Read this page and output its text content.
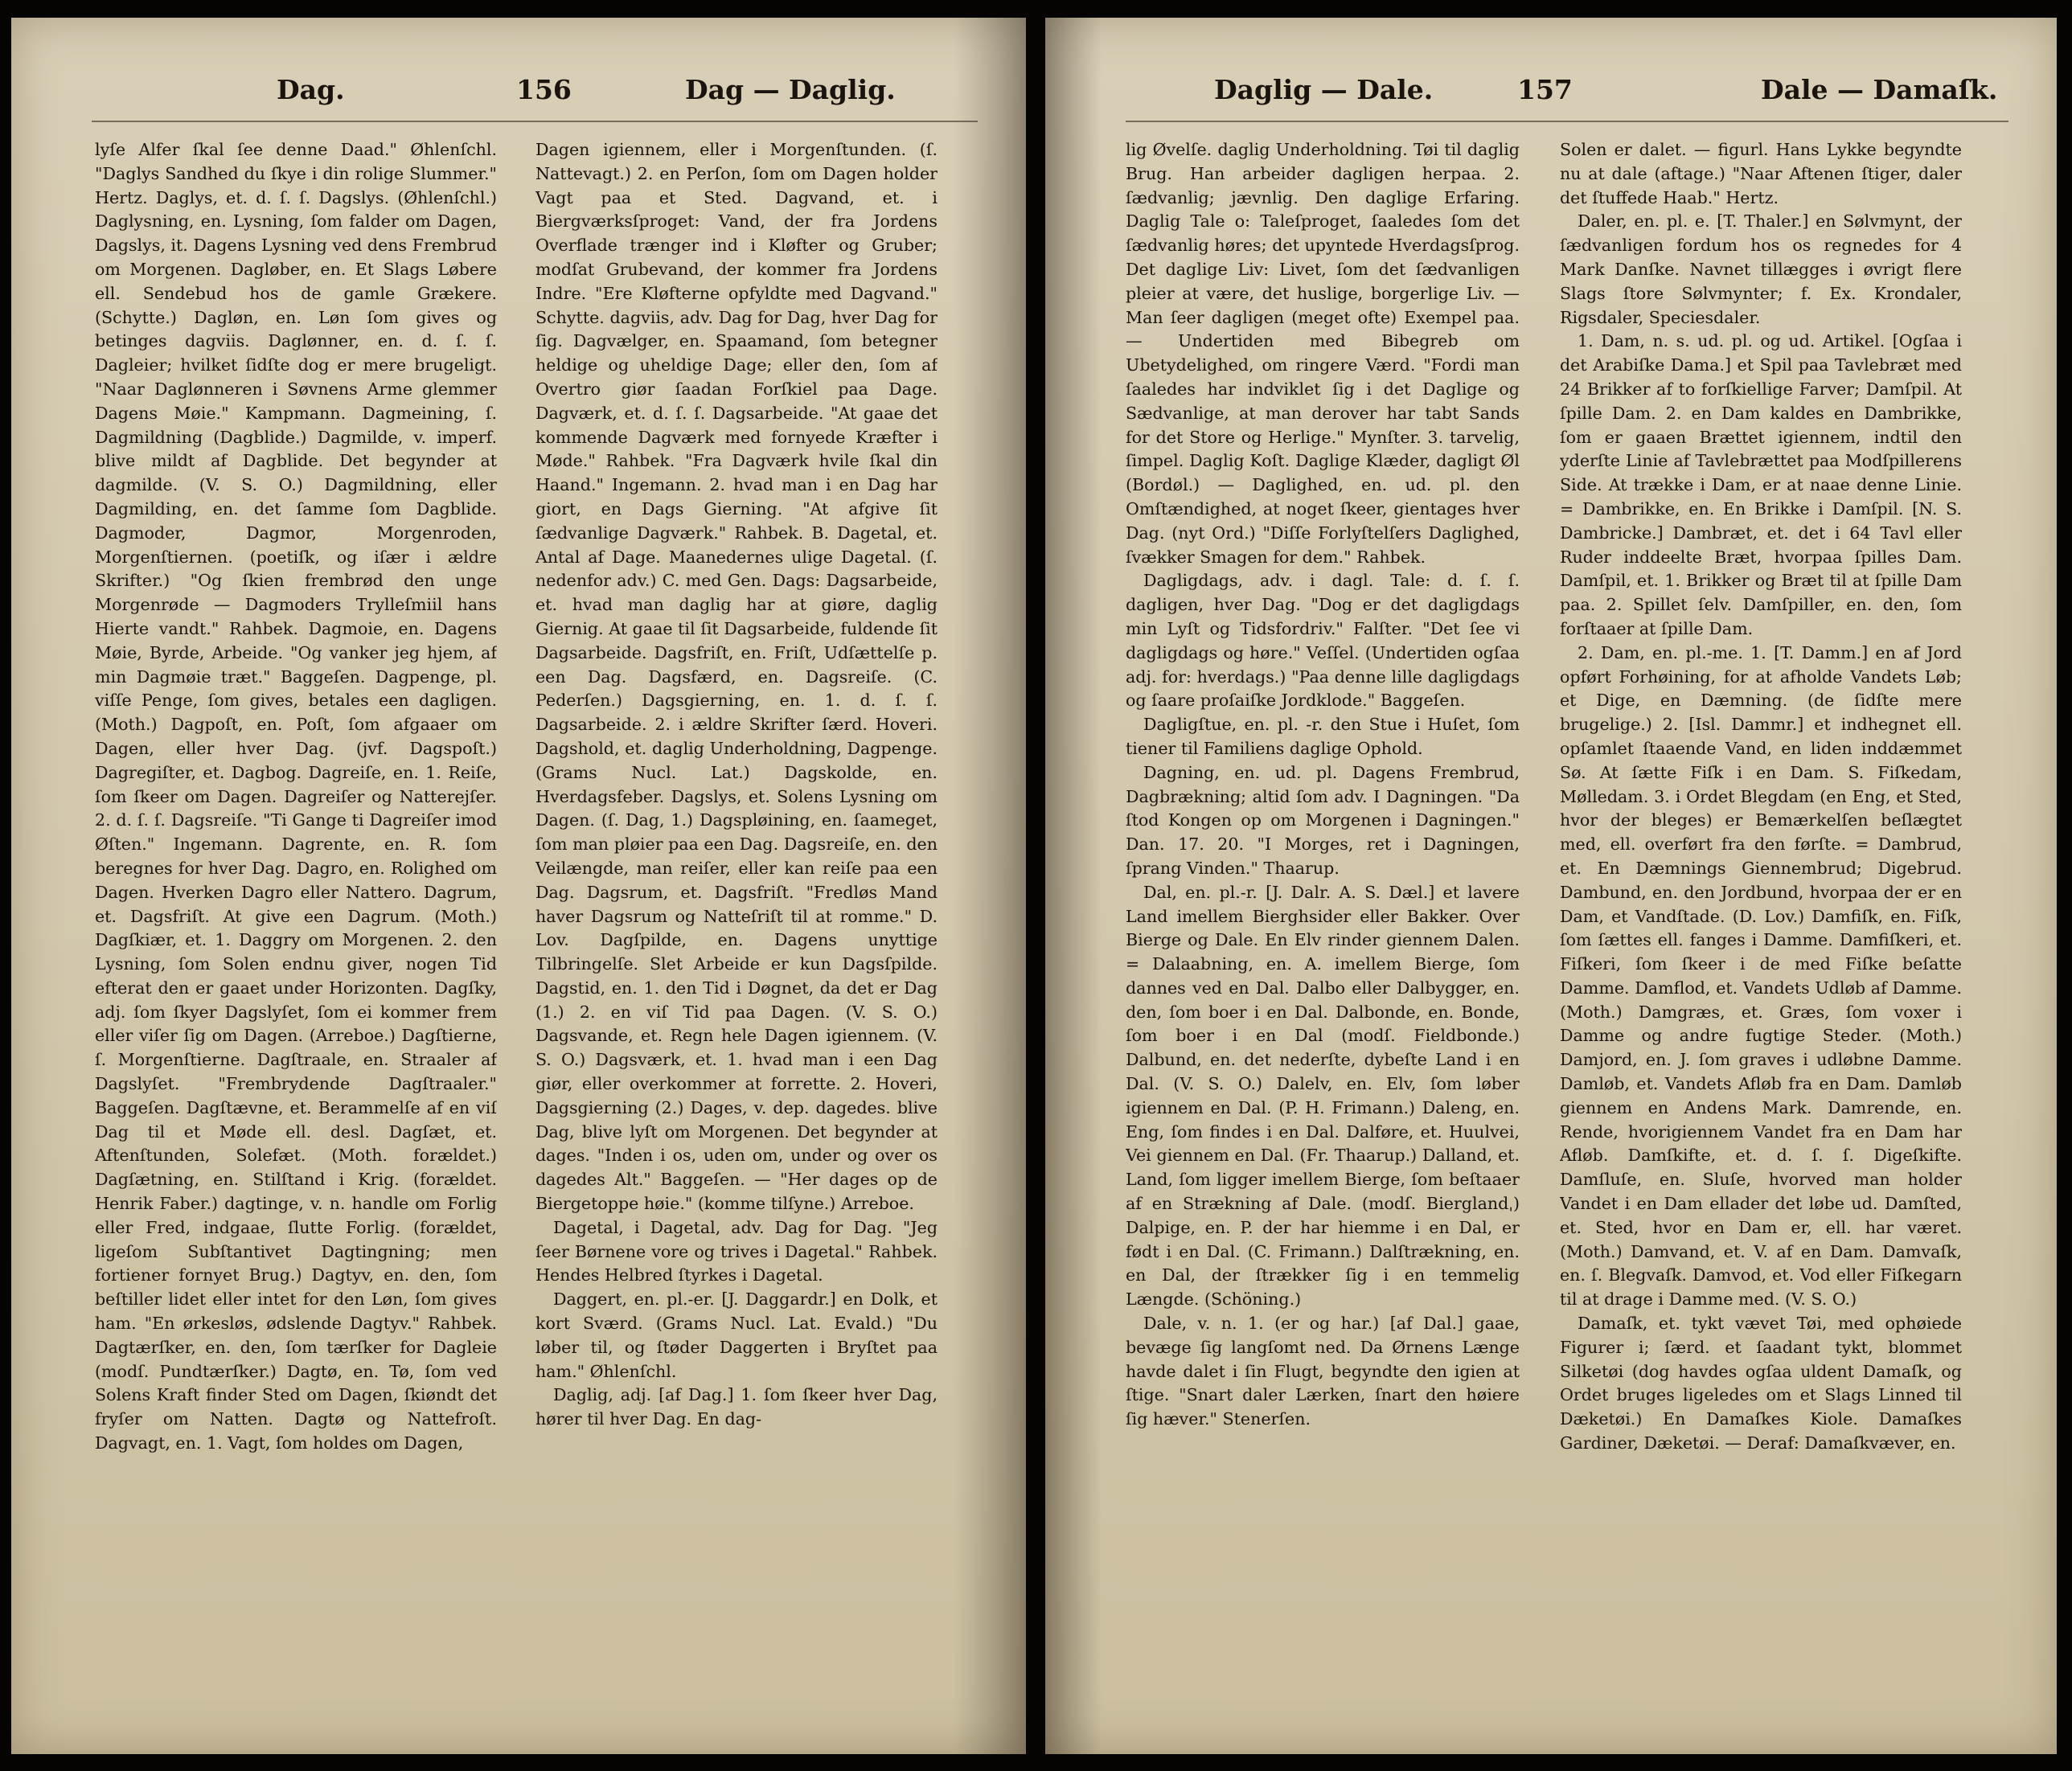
Dag.	156	Dag — Daglig.

lyſe Alfer ſkal ſee denne Daad." Øhlenſchl. "Daglys Sandhed du ſkye i din rolige Slummer." Hertz. Daglys, et. d. ſ. ſ. Dagslys. (Øhlenſchl.) Daglysning, en. Lysning, ſom falder om Dagen, Dagslys, it. Dagens Lysning ved dens Frembrud om Morgenen. Dagløber, en. Et Slags Løbere ell. Sendebud hos de gamle Grækere. (Schytte.) Dagløn, en. Løn ſom gives og betinges dagviis. Daglønner, en. d. ſ. ſ. Dagleier; hvilket ſidſte dog er mere brugeligt. "Naar Daglønneren i Søvnens Arme glemmer Dagens Møie." Kampmann. Dagmeining, ſ. Dagmildning (Dagblide.) Dagmilde, v. imperf. blive mildt af Dagblide. Det begynder at dagmilde. (V. S. O.) Dagmildning, eller Dagmilding, en. det ſamme ſom Dagblide. Dagmoder, Dagmor, Morgenroden, Morgenſtiernen. (poetiſk, og iſær i ældre Skrifter.) "Og ſkien frembrød den unge Morgenrøde — Dagmoders Trylleſmiil hans Hierte vandt." Rahbek. Dagmoie, en. Dagens Møie, Byrde, Arbeide. "Og vanker jeg hjem, af min Dagmøie træt." Baggeſen. Dagpenge, pl. viſſe Penge, ſom gives, betales een dagligen. (Moth.) Dagpoſt, en. Poſt, ſom afgaaer om Dagen, eller hver Dag. (jvf. Dagspoſt.) Dagregiſter, et. Dagbog. Dagreiſe, en. 1. Reiſe, ſom ſkeer om Dagen. Dagreiſer og Natterejſer. 2. d. ſ. ſ. Dagsreiſe. "Ti Gange ti Dagreiſer imod Øſten." Ingemann. Dagrente, en. R. ſom beregnes for hver Dag. Dagro, en. Rolighed om Dagen. Hverken Dagro eller Nattero. Dagrum, et. Dagsfriſt. At give een Dagrum. (Moth.) Dagſkiær, et. 1. Daggry om Morgenen. 2. den Lysning, ſom Solen endnu giver, nogen Tid efterat den er gaaet under Horizonten. Dagſky, adj. ſom ſkyer Dagslyſet, ſom ei kommer frem eller viſer ſig om Dagen. (Arreboe.) Dagſtierne, ſ. Morgenſtierne. Dagſtraale, en. Straaler af Dagslyſet. "Frembrydende Dagſtraaler." Baggeſen. Dagſtævne, et. Berammelſe af en viſ Dag til et Møde ell. desl. Dagſæt, et. Aftenſtunden, Solefæt. (Moth. forældet.) Dagſætning, en. Stilſtand i Krig. (forældet. Henrik Faber.) dagtinge, v. n. handle om Forlig eller Fred, indgaae, ſlutte Forlig. (forældet, ligeſom Subſtantivet Dagtingning; men fortiener fornyet Brug.) Dagtyv, en. den, ſom beſtiller lidet eller intet for den Løn, ſom gives ham. "En ørkesløs, ødslende Dagtyv." Rahbek. Dagtærſker, en. den, ſom tærſker for Dagleie (modſ. Pundtærſker.) Dagtø, en. Tø, ſom ved Solens Kraft finder Sted om Dagen, ſkiøndt det fryſer om Natten. Dagtø og Nattefroſt. Dagvagt, en. 1. Vagt, ſom holdes om Dagen,

Dagen igiennem, eller i Morgenſtunden. (ſ. Nattevagt.) 2. en Perſon, ſom om Dagen holder Vagt paa et Sted. Dagvand, et. i Biergværksſproget: Vand, der fra Jordens Overflade trænger ind i Kløfter og Gruber; modſat Grubevand, der kommer fra Jordens Indre. "Ere Kløfterne opfyldte med Dagvand." Schytte. dagviis, adv. Dag for Dag, hver Dag for ſig. Dagvælger, en. Spaamand, ſom betegner heldige og uheldige Dage; eller den, ſom af Overtro giør ſaadan Forſkiel paa Dage. Dagværk, et. d. ſ. ſ. Dagsarbeide. "At gaae det kommende Dagværk med fornyede Kræfter i Møde." Rahbek. "Fra Dagværk hvile ſkal din Haand." Ingemann. 2. hvad man i en Dag har giort, en Dags Gierning. "At afgive ſit ſædvanlige Dagværk." Rahbek. B. Dagetal, et. Antal af Dage. Maanedernes ulige Dagetal. (ſ. nedenfor adv.) C. med Gen. Dags: Dagsarbeide, et. hvad man daglig har at giøre, daglig Giernig. At gaae til ſit Dagsarbeide, fuldende ſit Dagsarbeide. Dagsfriſt, en. Friſt, Udſættelſe p. een Dag. Dagsfærd, en. Dagsreiſe. (C. Pederſen.) Dagsgierning, en. 1. d. ſ. ſ. Dagsarbeide. 2. i ældre Skrifter ſærd. Hoveri. Dagshold, et. daglig Underholdning, Dagpenge. (Grams Nucl. Lat.) Dagskolde, en. Hverdagsfeber. Dagslys, et. Solens Lysning om Dagen. (ſ. Dag, 1.) Dagspløining, en. ſaameget, ſom man pløier paa een Dag. Dagsreiſe, en. den Veilængde, man reiſer, eller kan reiſe paa een Dag. Dagsrum, et. Dagsfriſt. "Fredløs Mand haver Dagsrum og Natteſriſt til at romme." D. Lov. Dagſpilde, en. Dagens unyttige Tilbringelſe. Slet Arbeide er kun Dagsſpilde. Dagstid, en. 1. den Tid i Døgnet, da det er Dag (1.) 2. en viſ Tid paa Dagen. (V. S. O.) Dagsvande, et. Regn hele Dagen igiennem. (V. S. O.) Dagsværk, et. 1. hvad man i een Dag giør, eller overkommer at forrette. 2. Hoveri, Dagsgierning (2.) Dages, v. dep. dagedes. blive Dag, blive lyſt om Morgenen. Det begynder at dages. "Inden i os, uden om, under og over os dagedes Alt." Baggeſen. — "Her dages op de Biergetoppe høie." (komme tilſyne.) Arreboe.

Dagetal, i Dagetal, adv. Dag for Dag. "Jeg ſeer Børnene vore og trives i Dagetal." Rahbek. Hendes Helbred ſtyrkes i Dagetal.

Daggert, en. pl.-er. [J. Daggardr.] en Dolk, et kort Sværd. (Grams Nucl. Lat. Evald.) "Du løber til, og ſtøder Daggerten i Bryſtet paa ham." Øhlenſchl.

Daglig, adj. [af Dag.] 1. ſom ſkeer hver Dag, hører til hver Dag. En dag-

Daglig — Dale.	157	Dale — Damaſk.

lig Øvelſe. daglig Underholdning. Tøi til daglig Brug. Han arbeider dagligen herpaa. 2. ſædvanlig; jævnlig. Den daglige Erfaring. Daglig Tale o: Taleſproget, ſaaledes ſom det ſædvanlig høres; det upyntede Hverdagsſprog. Det daglige Liv: Livet, ſom det ſædvanligen pleier at være, det huslige, borgerlige Liv. — Man ſeer dagligen (meget ofte) Exempel paa. — Undertiden med Bibegreb om Ubetydelighed, om ringere Værd. "Fordi man ſaaledes har indviklet ſig i det Daglige og Sædvanlige, at man derover har tabt Sands for det Store og Herlige." Mynſter. 3. tarvelig, ſimpel. Daglig Koſt. Daglige Klæder, dagligt Øl (Bordøl.) — Daglighed, en. ud. pl. den Omſtændighed, at noget ſkeer, gientages hver Dag. (nyt Ord.) "Diſſe Forlyſtelſers Daglighed, ſvækker Smagen for dem." Rahbek.

Dagligdags, adv. i dagl. Tale: d. ſ. ſ. dagligen, hver Dag. "Dog er det dagligdags min Lyſt og Tidsfordriv." Falſter. "Det ſee vi dagligdags og høre." Veſſel. (Undertiden ogſaa adj. for: hverdags.) "Paa denne lille dagligdags og ſaare proſaiſke Jordklode." Baggeſen.

Dagligſtue, en. pl. -r. den Stue i Huſet, ſom tiener til Familiens daglige Ophold.

Dagning, en. ud. pl. Dagens Frembrud, Dagbrækning; altid ſom adv. I Dagningen. "Da ſtod Kongen op om Morgenen i Dagningen." Dan. 17. 20. "I Morges, ret i Dagningen, ſprang Vinden." Thaarup.

Dal, en. pl.-r. [J. Dalr. A. S. Dæl.] et lavere Land imellem Bierghsider eller Bakker. Over Bierge og Dale. En Elv rinder giennem Dalen. = Dalaabning, en. A. imellem Bierge, ſom dannes ved en Dal. Dalbo eller Dalbygger, en. den, ſom boer i en Dal. Dalbonde, en. Bonde, ſom boer i en Dal (modſ. Fieldbonde.) Dalbund, en. det nederſte, dybeſte Land i en Dal. (V. S. O.) Dalelv, en. Elv, ſom løber igiennem en Dal. (P. H. Frimann.) Daleng, en. Eng, ſom findes i en Dal. Dalføre, et. Huulvei, Vei giennem en Dal. (Fr. Thaarup.) Dalland, et. Land, ſom ligger imellem Bierge, ſom beſtaaer af en Strækning af Dale. (modſ. Bierglandˌ) Dalpige, en. P. der har hiemme i en Dal, er født i en Dal. (C. Frimann.) Dalſtrækning, en. en Dal, der ſtrækker ſig i en temmelig Længde. (Schöning.)

Dale, v. n. 1. (er og har.) [af Dal.] gaae, bevæge ſig langſomt ned. Da Ørnens Længe havde dalet i ſin Flugt, begyndte den igien at ſtige. "Snart daler Lærken, ſnart den høiere ſig hæver." Stenerſen.

Solen er dalet. — figurl. Hans Lykke begyndte nu at dale (aftage.) "Naar Aftenen ſtiger, daler det ſtuffede Haab." Hertz.

Daler, en. pl. e. [T. Thaler.] en Sølvmynt, der ſædvanligen fordum hos os regnedes for 4 Mark Danſke. Navnet tillægges i øvrigt flere Slags ſtore Sølvmynter; f. Ex. Krondaler, Rigsdaler, Speciesdaler.

1. Dam, n. s. ud. pl. og ud. Artikel. [Ogſaa i det Arabiſke Dama.] et Spil paa Tavlebræt med 24 Brikker af to forſkiellige Farver; Damſpil. At ſpille Dam. 2. en Dam kaldes en Dambrikke, ſom er gaaen Brættet igiennem, indtil den yderſte Linie af Tavlebrættet paa Modſpillerens Side. At trække i Dam, er at naae denne Linie. = Dambrikke, en. En Brikke i Damſpil. [N. S. Dambricke.] Dambræt, et. det i 64 Tavl eller Ruder inddeelte Bræt, hvorpaa ſpilles Dam. Damſpil, et. 1. Brikker og Bræt til at ſpille Dam paa. 2. Spillet ſelv. Damſpiller, en. den, ſom forſtaaer at ſpille Dam.

2. Dam, en. pl.-me. 1. [T. Damm.] en af Jord opført Forhøining, for at afholde Vandets Løb; et Dige, en Dæmning. (de ſidſte mere brugelige.) 2. [Isl. Dammr.] et indhegnet ell. opſamlet ſtaaende Vand, en liden inddæmmet Sø. At ſætte Fiſk i en Dam. S. Fiſkedam, Mølledam. 3. i Ordet Blegdam (en Eng, et Sted, hvor der bleges) er Bemærkelſen beſlægtet med, ell. overført fra den førſte. = Dambrud, et. En Dæmnings Giennembrud; Digebrud. Dambund, en. den Jordbund, hvorpaa der er en Dam, et Vandſtade. (D. Lov.) Damfiſk, en. Fiſk, ſom ſættes ell. fanges i Damme. Damfiſkeri, et. Fiſkeri, ſom ſkeer i de med Fiſke beſatte Damme. Damflod, et. Vandets Udløb af Damme. (Moth.) Damgræs, et. Græs, ſom voxer i Damme og andre fugtige Steder. (Moth.) Damjord, en. J. ſom graves i udløbne Damme. Damløb, et. Vandets Afløb fra en Dam. Damløb giennem en Andens Mark. Damrende, en. Rende, hvorigiennem Vandet fra en Dam har Afløb. Damſkifte, et. d. ſ. ſ. Digeſkifte. Damſluſe, en. Sluſe, hvorved man holder Vandet i en Dam ellader det løbe ud. Damſted, et. Sted, hvor en Dam er, ell. har været. (Moth.) Damvand, et. V. af en Dam. Damvaſk, en. ſ. Blegvaſk. Damvod, et. Vod eller Fiſkegarn til at drage i Damme med. (V. S. O.)

Damaſk, et. tykt vævet Tøi, med ophøiede Figurer i; ſærd. et ſaadant tykt, blommet Silketøi (dog havdes ogſaa uldent Damaſk, og Ordet bruges ligeledes om et Slags Linned til Dæketøi.) En Damaſkes Kiole. Damaſkes Gardiner, Dæketøi. — Deraf: Damaſkvæver, en.
